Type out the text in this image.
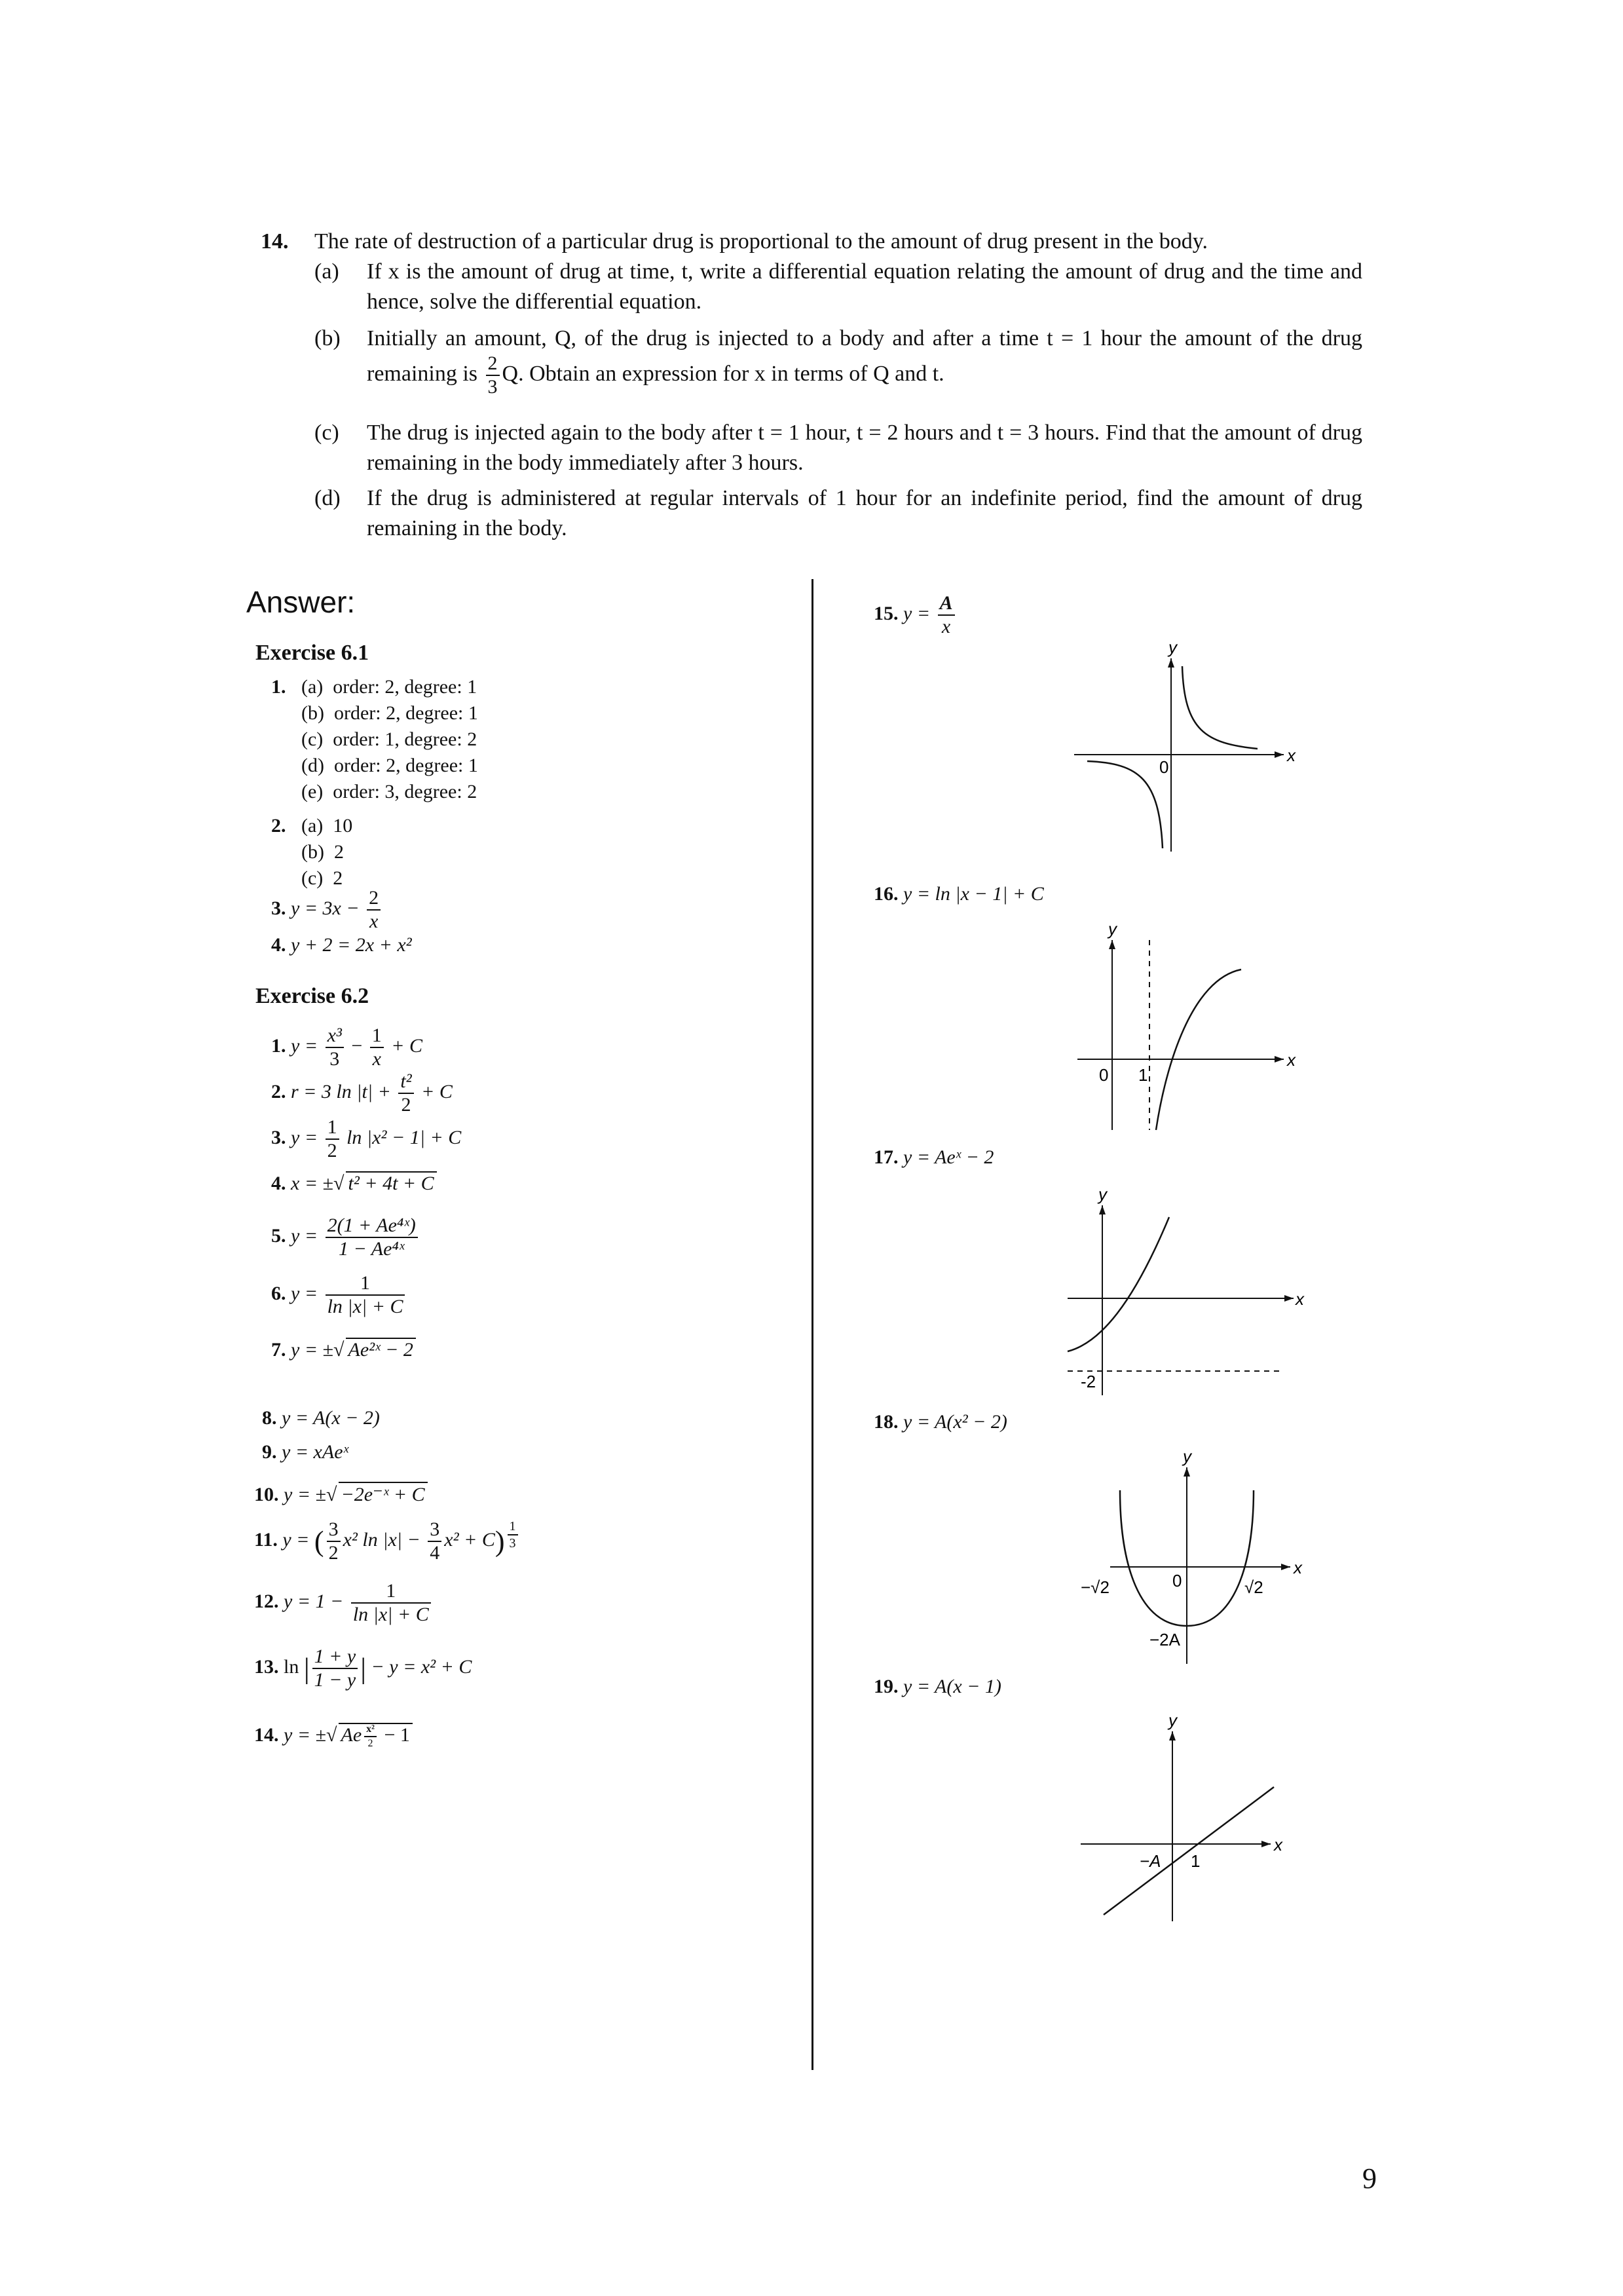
14. The rate of destruction of a particular drug is proportional to the amount of drug present in the body.
(a) If x is the amount of drug at time, t, write a differential equation relating the amount of drug and the time and hence, solve the differential equation.
(b) Initially an amount, Q, of the drug is injected to a body and after a time t = 1 hour the amount of the drug remaining is $\frac{2}{3} Q$. Obtain an expression for x in terms of Q and t.
(c) The drug is injected again to the body after t = 1 hour, t = 2 hours and t = 3 hours. Find that the amount of drug remaining in the body immediately after 3 hours.
(d) If the drug is administered at regular intervals of 1 hour for an indefinite period, find the amount of drug remaining in the body.
Answer:
Exercise 6.1
1. (a) order: 2, degree: 1
(b) order: 2, degree: 1
(c) order: 1, degree: 2
(d) order: 2, degree: 1
(e) order: 3, degree: 2
2. (a) 10
(b) 2
(c) 2
3. $y = 3x - \frac{2}{x}$
4. y + 2 = 2x + x²
Exercise 6.2
1. $y = \frac{\text{x³}}{3} - \frac{1}{x} + C$
2. r = 3 $\ln |t| + \frac{\text{t²}}{2} + C$
3. $y = \frac{1}{2}$ ln |x² − 1| + C
4. x = ±√ t² + 4t + C
5. $y = \frac{\text{2(1 + Ae⁴ˣ)}}{\text{1 − Ae⁴ˣ}}$
6. $y = \frac{1}{\ln |x| + C}$
7. y = ±√ Ae²ˣ − 2
8. y = A(x − 2)
9. y = xAeˣ
10. y = ±√ −2e⁻ˣ + C
11. y = ( $\frac{3}{2} x^2$ $\ln |x| - \frac{3}{4} x^2 + C) \frac{1}{3}$
12. $y = 1 - \frac{1}{\ln |x| + C}$
13. ln | $\frac{1 + y}{1 - y}$ | − y = x² + C
14. y = ±√ Ae $\frac{\text{x²}}{2} - 1$
15. $y = \frac{A}{x}$
y
x
0
16. y = ln |x − 1| + C
y
x
0 1
17. y = Aeˣ − 2
y
x
-2
18. y = A(x² − 2)
y
x
0
−√2	√2
−2A
19. y = A(x − 1)
y
x
−A 1
9
